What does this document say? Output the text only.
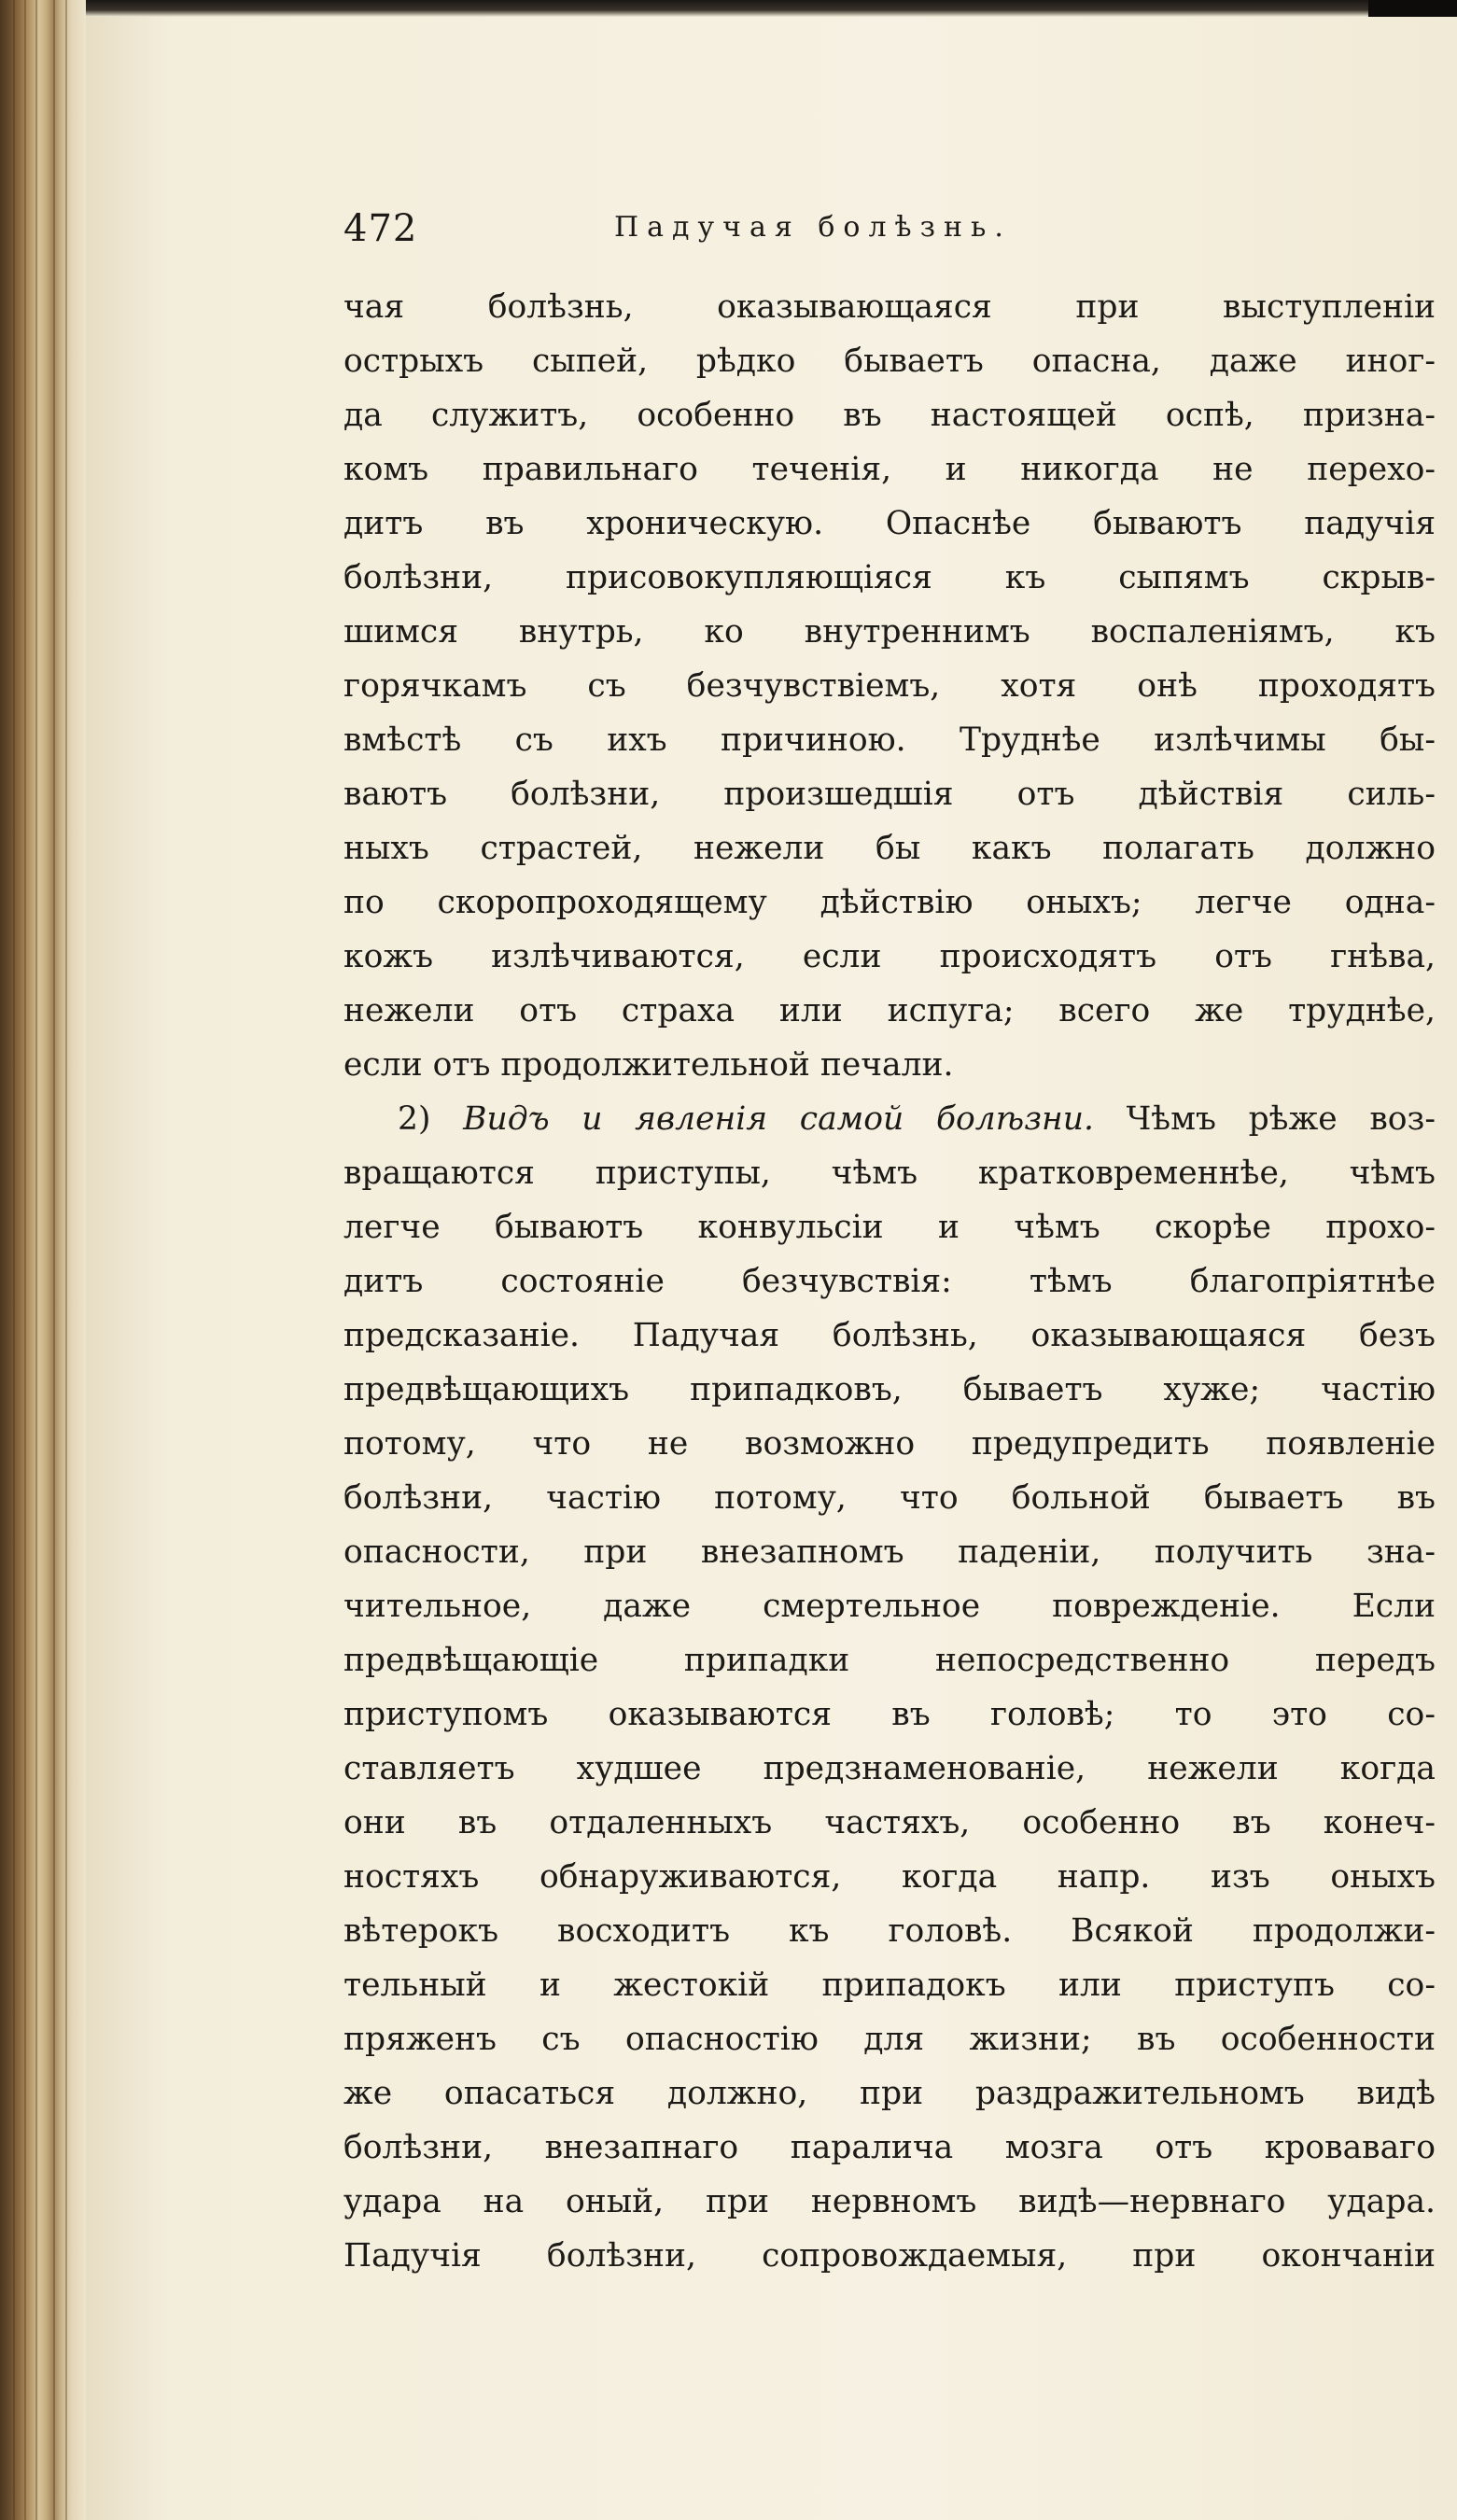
472	Падучая болѣзнь.
чая болѣзнь, оказывающаяся при выступленіи
острыхъ сыпей, рѣдко бываетъ опасна, даже иног-
да служитъ, особенно въ настоящей оспѣ, призна-
комъ правильнаго теченія, и никогда не перехо-
дитъ въ хроническую. Опаснѣе бываютъ падучія
болѣзни, присовокупляющіяся къ сыпямъ скрыв-
шимся внутрь, ко внутреннимъ воспаленіямъ, къ
горячкамъ съ безчувствіемъ, хотя онѣ проходятъ
вмѣстѣ съ ихъ причиною. Труднѣе излѣчимы бы-
ваютъ болѣзни, произшедшія отъ дѣйствія силь-
ныхъ страстей, нежели бы какъ полагать должно
по скоропроходящему дѣйствію оныхъ; легче одна-
кожъ излѣчиваются, если происходятъ отъ гнѣва,
нежели отъ страха или испуга; всего же труднѣе,
если отъ продолжительной печали.
2) Видъ и явленія самой болѣзни. Чѣмъ рѣже воз-
вращаются приступы, чѣмъ кратковременнѣе, чѣмъ
легче бываютъ конвульсіи и чѣмъ скорѣе прохо-
дитъ состояніе безчувствія: тѣмъ благопріятнѣе
предсказаніе. Падучая болѣзнь, оказывающаяся безъ
предвѣщающихъ припадковъ, бываетъ хуже; частію
потому, что не возможно предупредить появленіе
болѣзни, частію потому, что больной бываетъ въ
опасности, при внезапномъ паденіи, получить зна-
чительное, даже смертельное поврежденіе. Если
предвѣщающіе припадки непосредственно передъ
приступомъ оказываются въ головѣ; то это со-
ставляетъ худшее предзнаменованіе, нежели когда
они въ отдаленныхъ частяхъ, особенно въ конеч-
ностяхъ обнаруживаются, когда напр. изъ оныхъ
вѣтерокъ восходитъ къ головѣ. Всякой продолжи-
тельный и жестокій припадокъ или приступъ со-
пряженъ съ опасностію для жизни; въ особенности
же опасаться должно, при раздражительномъ видѣ
болѣзни, внезапнаго паралича мозга отъ кроваваго
удара на оный, при нервномъ видѣ—нервнаго удара.
Падучія болѣзни, сопровождаемыя, при окончаніи
